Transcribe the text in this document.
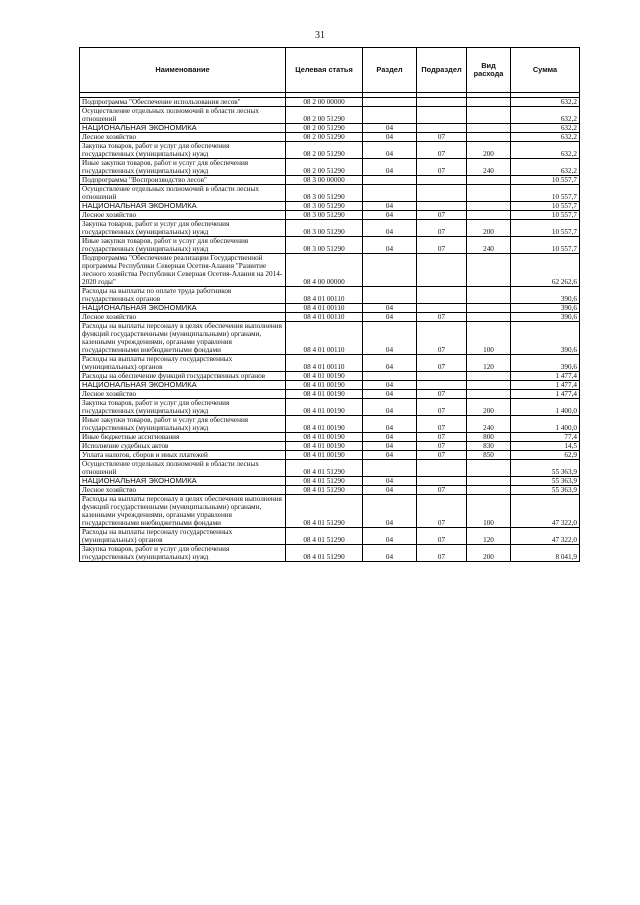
31
Наименование	Целевая статья	Раздел	Подраздел	Вид расхода	Сумма

Подпрограмма "Обеспечение использования лесов"	08 2 00 00000				632,2
Осуществление отдельных полномочий в области лесных отношений	08 2 00 51290				632,2
НАЦИОНАЛЬНАЯ ЭКОНОМИКА	08 2 00 51290	04			632,2
Лесное хозяйство	08 2 00 51290	04	07		632,2
Закупка товаров, работ и услуг для обеспечения государственных (муниципальных) нужд	08 2 00 51290	04	07	200	632,2
Иные закупки товаров, работ и услуг для обеспечения государственных (муниципальных) нужд	08 2 00 51290	04	07	240	632,2
Подпрограмма "Воспроизводство лесов"	08 3 00 00000				10 557,7
Осуществление отдельных полномочий в области лесных отношений	08 3 00 51290				10 557,7
НАЦИОНАЛЬНАЯ ЭКОНОМИКА	08 3 00 51290	04			10 557,7
Лесное хозяйство	08 3 00 51290	04	07		10 557,7
Закупка товаров, работ и услуг для обеспечения государственных (муниципальных) нужд	08 3 00 51290	04	07	200	10 557,7
Иные закупки товаров, работ и услуг для обеспечения государственных (муниципальных) нужд	08 3 00 51290	04	07	240	10 557,7
Подпрограмма "Обеспечение реализации Государственной программы Республики Северная Осетия-Алания "Развитие лесного хозяйства Республики Северная Осетия-Алания на 2014-2020 годы"	08 4 00 00000				62 262,6
Расходы на выплаты по оплате труда работников государственных органов	08 4 01 00110				390,6
НАЦИОНАЛЬНАЯ ЭКОНОМИКА	08 4 01 00110	04			390,6
Лесное хозяйство	08 4 01 00110	04	07		390,6
Расходы на выплаты персоналу в целях обеспечения выполнения функций государственными (муниципальными) органами, казенными учреждениями, органами управления государственными внебюджетными фондами	08 4 01 00110	04	07	100	390,6
Расходы на выплаты персоналу государственных (муниципальных) органов	08 4 01 00110	04	07	120	390,6
Расходы на обеспечение функций государственных органов	08 4 01 00190				1 477,4
НАЦИОНАЛЬНАЯ ЭКОНОМИКА	08 4 01 00190	04			1 477,4
Лесное хозяйство	08 4 01 00190	04	07		1 477,4
Закупка товаров, работ и услуг для обеспечения государственных (муниципальных) нужд	08 4 01 00190	04	07	200	1 400,0
Иные закупки товаров, работ и услуг для обеспечения государственных (муниципальных) нужд	08 4 01 00190	04	07	240	1 400,0
Иные бюджетные ассигнования	08 4 01 00190	04	07	800	77,4
Исполнение судебных актов	08 4 01 00190	04	07	830	14,5
Уплата налогов, сборов и иных платежей	08 4 01 00190	04	07	850	62,9
Осуществление отдельных полномочий в области лесных отношений	08 4 01 51290				55 363,9
НАЦИОНАЛЬНАЯ ЭКОНОМИКА	08 4 01 51290	04			55 363,9
Лесное хозяйство	08 4 01 51290	04	07		55 363,9
Расходы на выплаты персоналу в целях обеспечения выполнения функций государственными (муниципальными) органами, казенными учреждениями, органами управления государственными внебюджетными фондами	08 4 01 51290	04	07	100	47 322,0
Расходы на выплаты персоналу государственных (муниципальных) органов	08 4 01 51290	04	07	120	47 322,0
Закупка товаров, работ и услуг для обеспечения государственных (муниципальных) нужд	08 4 01 51290	04	07	200	8 041,9
